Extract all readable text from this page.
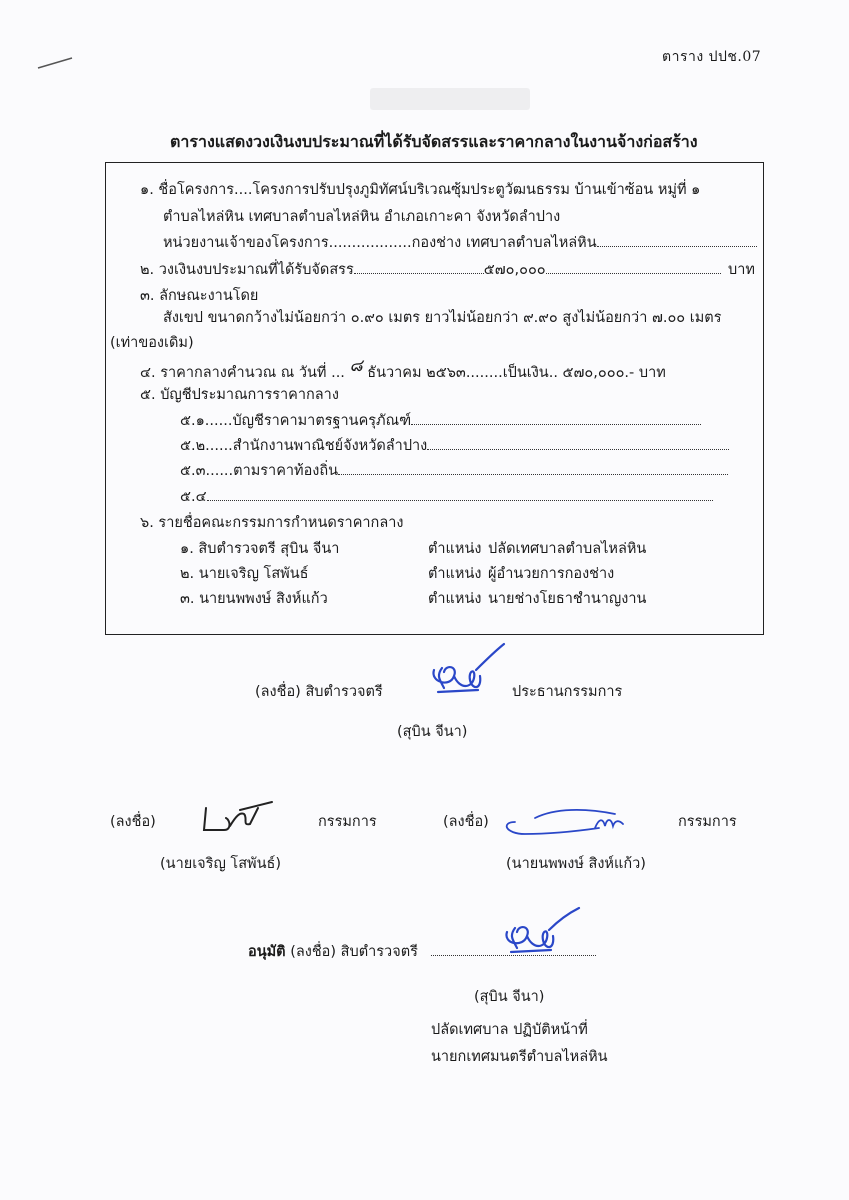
ตาราง ปปช.07
ตารางแสดงวงเงินงบประมาณที่ได้รับจัดสรรและราคากลางในงานจ้างก่อสร้าง
๑. ชื่อโครงการ....โครงการปรับปรุงภูมิทัศน์บริเวณซุ้มประตูวัฒนธรรม บ้านเข้าซ้อน หมู่ที่ ๑
ตำบลไหล่หิน เทศบาลตำบลไหล่หิน อำเภอเกาะคา จังหวัดลำปาง
หน่วยงานเจ้าของโครงการ..................กองช่าง เทศบาลตำบลไหล่หิน
๒. วงเงินงบประมาณที่ได้รับจัดสรร	๕๗๐,๐๐๐	บาท
๓. ลักษณะงานโดย
สังเขป ขนาดกว้างไม่น้อยกว่า ๐.๙๐ เมตร ยาวไม่น้อยกว่า ๙.๙๐ สูงไม่น้อยกว่า ๗.๐๐ เมตร
(เท่าของเดิม)
๔. ราคากลางคำนวณ ณ วันที่ ... ๘ ธันวาคม ๒๕๖๓........เป็นเงิน.. ๕๗๐,๐๐๐.- บาท
๕. บัญชีประมาณการราคากลาง
๕.๑......บัญชีราคามาตรฐานครุภัณฑ์
๕.๒......สำนักงานพาณิชย์จังหวัดลำปาง
๕.๓......ตามราคาท้องถิ่น
๕.๔
๖. รายชื่อคณะกรรมการกำหนดราคากลาง
๑. สิบตำรวจตรี สุบิน จีนา	ตำแหน่ง ปลัดเทศบาลตำบลไหล่หิน
๒. นายเจริญ โสพันธ์	ตำแหน่ง ผู้อำนวยการกองช่าง
๓. นายนพพงษ์ สิงห์แก้ว	ตำแหน่ง นายช่างโยธาชำนาญงาน
(ลงชื่อ) สิบตำรวจตรี	ประธานกรรมการ
(สุบิน จีนา)
(ลงชื่อ)	กรรมการ
(นายเจริญ โสพันธ์)
(ลงชื่อ)	กรรมการ
(นายนพพงษ์ สิงห์แก้ว)
อนุมัติ (ลงชื่อ) สิบตำรวจตรี
(สุบิน จีนา)
ปลัดเทศบาล ปฏิบัติหน้าที่
นายกเทศมนตรีตำบลไหล่หิน
